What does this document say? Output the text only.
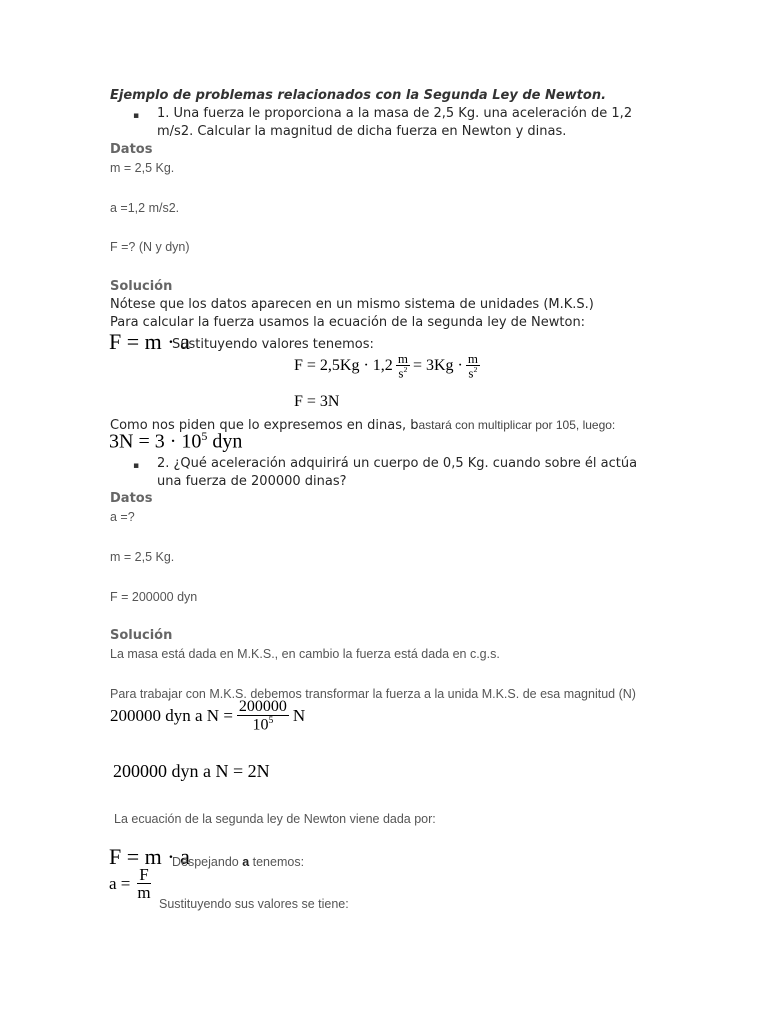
Ejemplo de problemas relacionados con la Segunda Ley de Newton.
▪ 1. Una fuerza le proporciona a la masa de 2,5 Kg. una aceleración de 1,2
m/s2. Calcular la magnitud de dicha fuerza en Newton y dinas.
Datos
m = 2,5 Kg.
a =1,2 m/s2.
F =? (N y dyn)
Solución
Nótese que los datos aparecen en un mismo sistema de unidades (M.K.S.)
Para calcular la fuerza usamos la ecuación de la segunda ley de Newton:
F = m · a
Sustituyendo valores tenemos:
$F = 2,5Kg \cdot 1,2 \frac{m}{s^2} = 3Kg \cdot \frac{m}{s^2}$
F = 3N
Como nos piden que lo expresemos en dinas, bastará con multiplicar por 105, luego:
$3N = 3 \cdot 10^5$ dyn
▪ 2. ¿Qué aceleración adquirirá un cuerpo de 0,5 Kg. cuando sobre él actúa
una fuerza de 200000 dinas?
Datos
a =?
m = 2,5 Kg.
F = 200000 dyn
Solución
La masa está dada en M.K.S., en cambio la fuerza está dada en c.g.s.
Para trabajar con M.K.S. debemos transformar la fuerza a la unida M.K.S. de esa magnitud (N)
200000 dyn a $N = \frac{200000}{10^5}$ N
200000 dyn a N = 2N
La ecuación de la segunda ley de Newton viene dada por:
F = m · a
Despejando a tenemos:
$a = \frac{F}{m}$
Sustituyendo sus valores se tiene:
